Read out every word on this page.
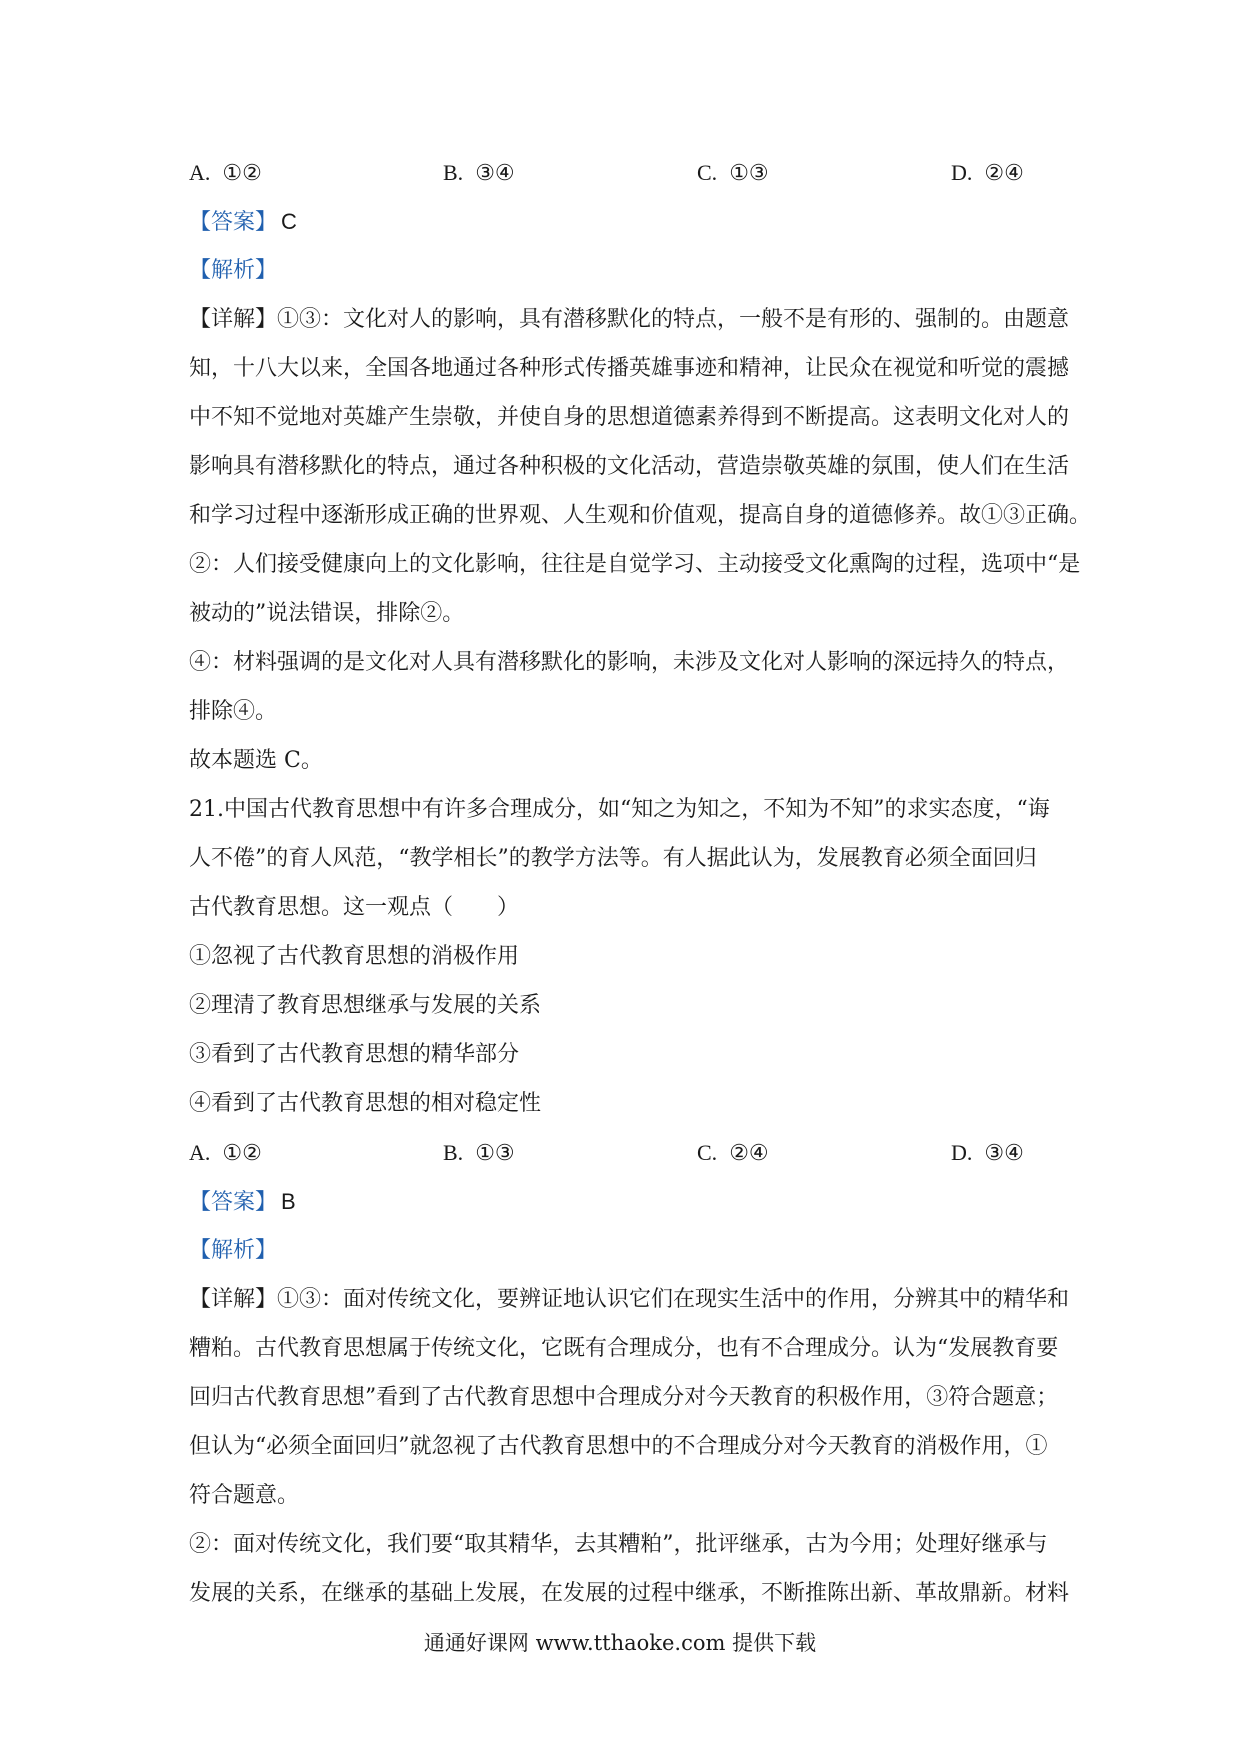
A. ①②	B. ③④	C. ①③	D. ②④
【答案】 C
【解析】
【详解】①③：文化对人的影响，具有潜移默化的特点，一般不是有形的、强制的。由题意
知，十八大以来，全国各地通过各种形式传播英雄事迹和精神，让民众在视觉和听觉的震撼
中不知不觉地对英雄产生崇敬，并使自身的思想道德素养得到不断提高。这表明文化对人的
影响具有潜移默化的特点，通过各种积极的文化活动，营造崇敬英雄的氛围，使人们在生活
和学习过程中逐渐形成正确的世界观、人生观和价值观，提高自身的道德修养。故①③正确。
②：人们接受健康向上的文化影响，往往是自觉学习、主动接受文化熏陶的过程，选项中“是
被动的”说法错误，排除②。
④：材料强调的是文化对人具有潜移默化的影响，未涉及文化对人影响的深远持久的特点，
排除④。
故本题选 C。
21.中国古代教育思想中有许多合理成分，如“知之为知之，不知为不知”的求实态度，“诲
人不倦”的育人风范，“教学相长”的教学方法等。有人据此认为，发展教育必须全面回归
古代教育思想。这一观点（　　）
①忽视了古代教育思想的消极作用
②理清了教育思想继承与发展的关系
③看到了古代教育思想的精华部分
④看到了古代教育思想的相对稳定性
A. ①②	B. ①③	C. ②④	D. ③④
【答案】 B
【解析】
【详解】①③：面对传统文化，要辨证地认识它们在现实生活中的作用，分辨其中的精华和
糟粕。古代教育思想属于传统文化，它既有合理成分，也有不合理成分。认为“发展教育要
回归古代教育思想”看到了古代教育思想中合理成分对今天教育的积极作用，③符合题意；
但认为“必须全面回归”就忽视了古代教育思想中的不合理成分对今天教育的消极作用，①
符合题意。
②：面对传统文化，我们要“取其精华，去其糟粕”，批评继承，古为今用；处理好继承与
发展的关系，在继承的基础上发展，在发展的过程中继承，不断推陈出新、革故鼎新。材料
通通好课网 www.tthaoke.com 提供下载
